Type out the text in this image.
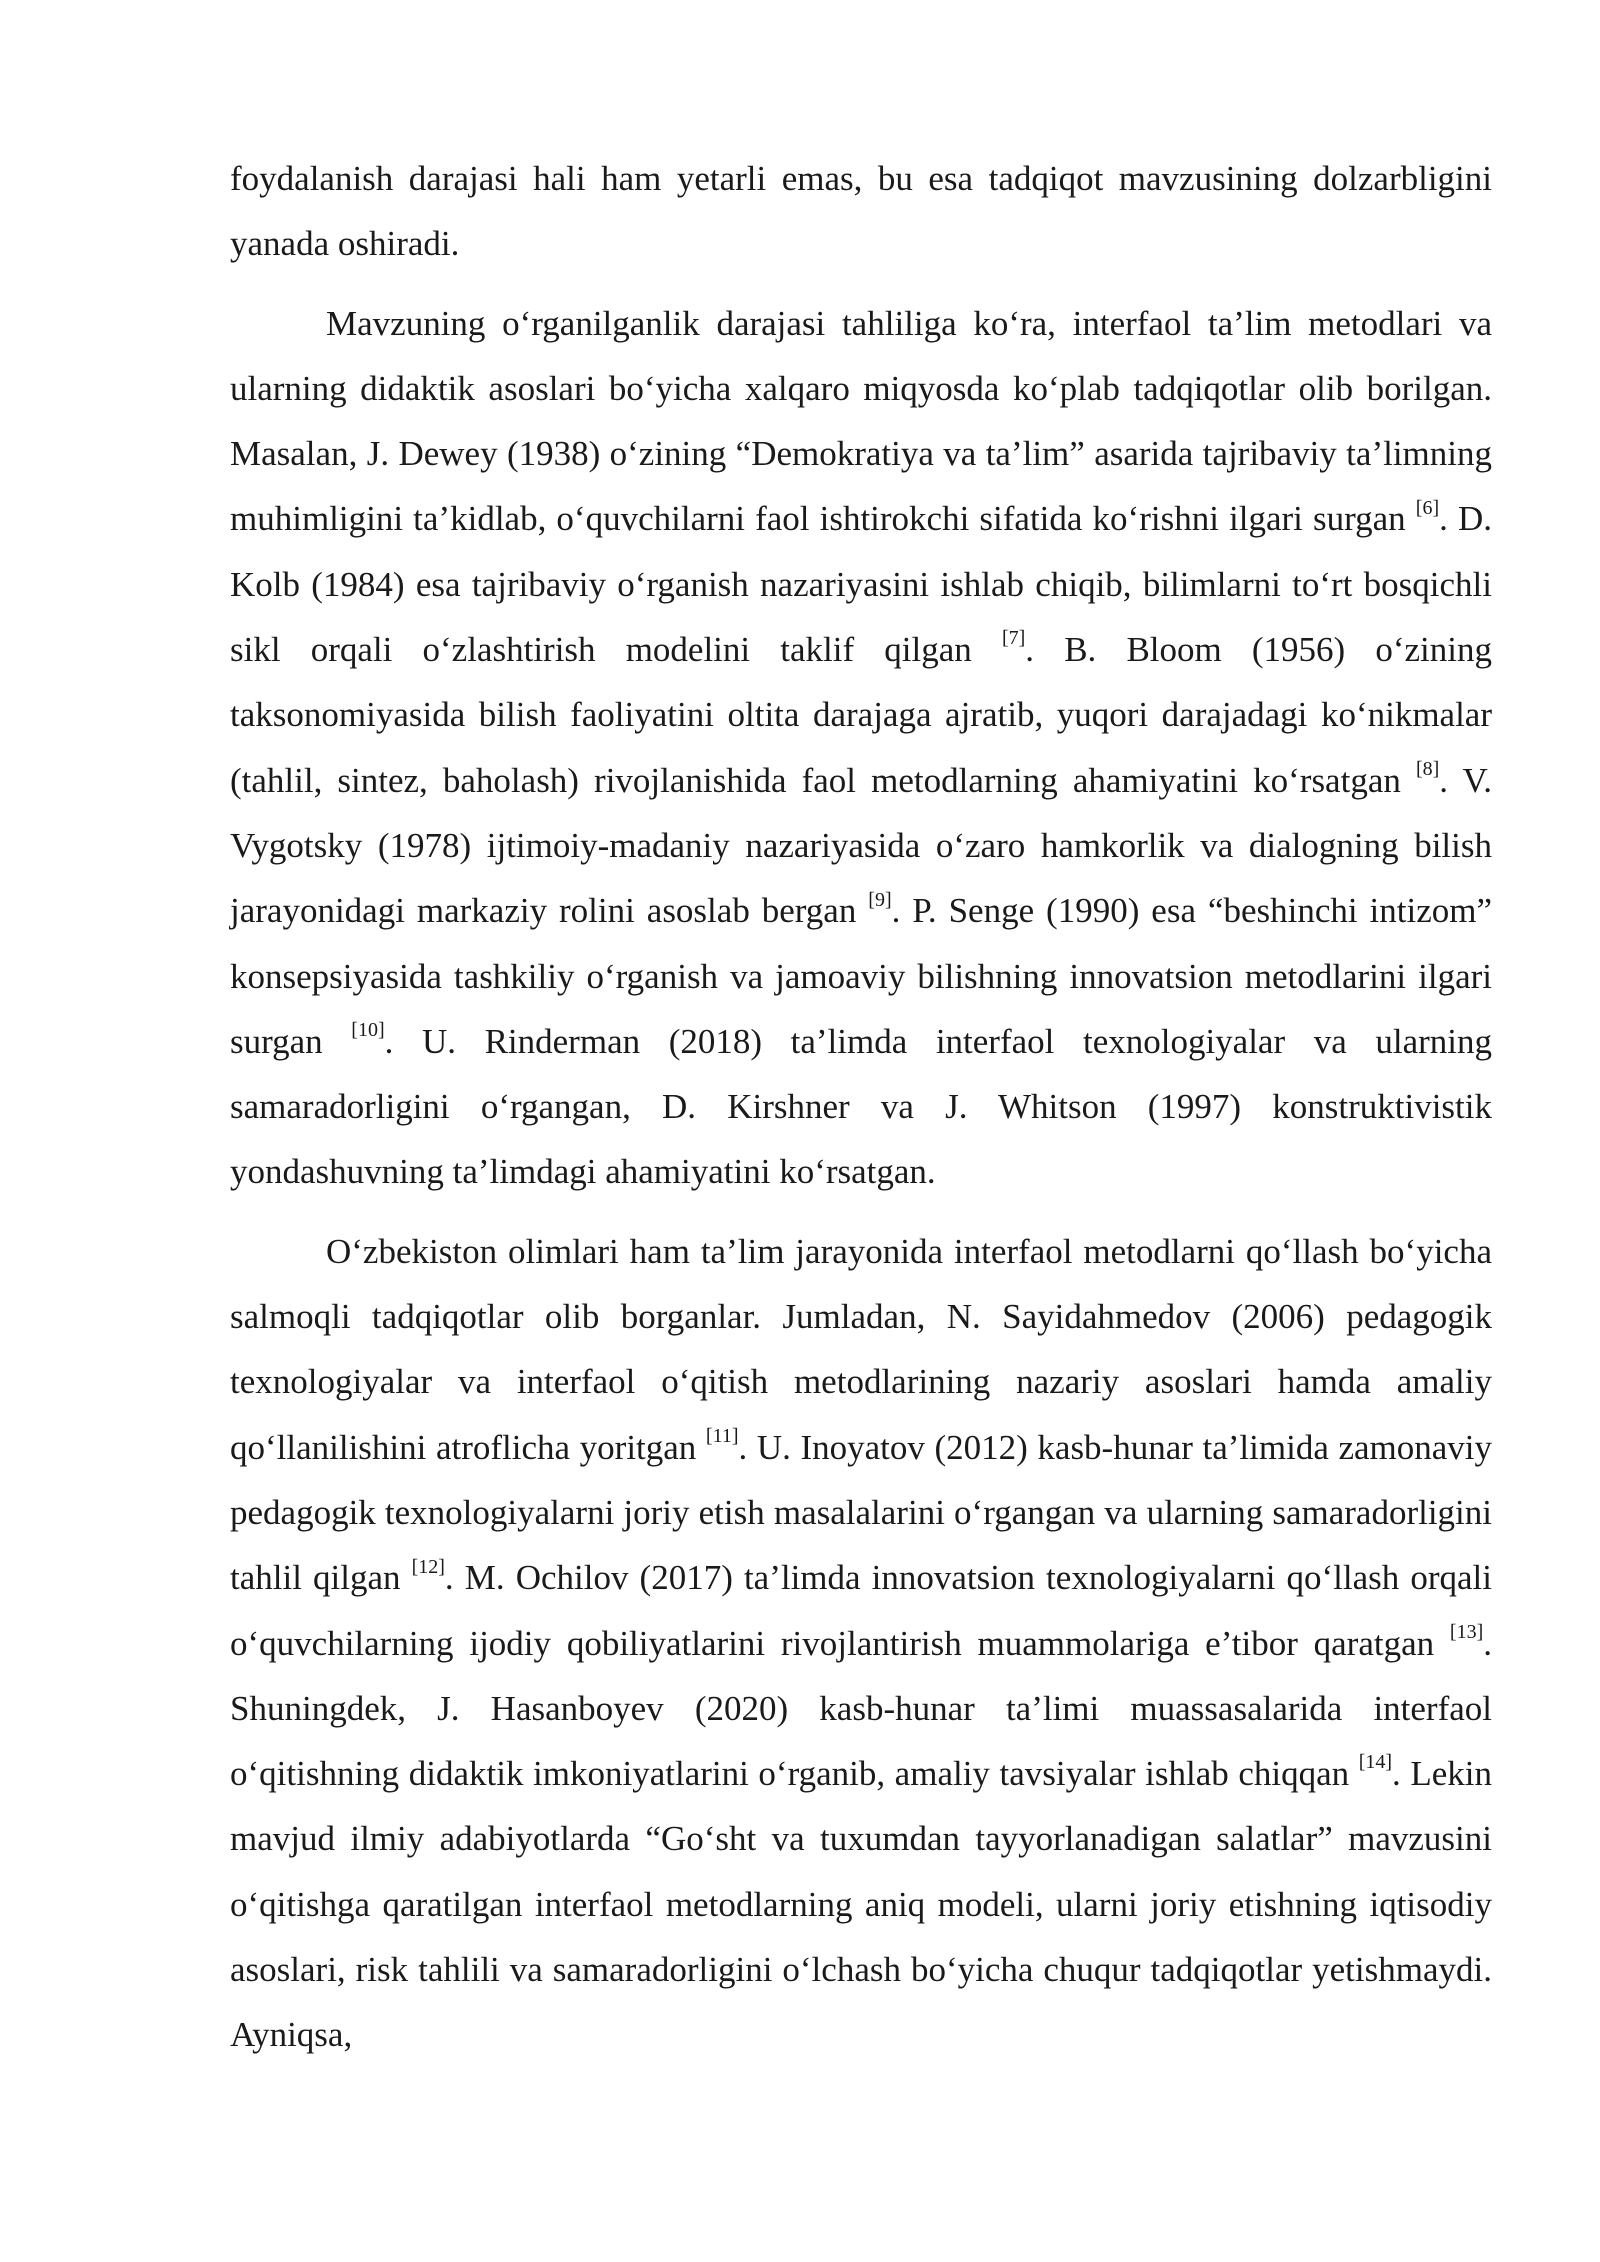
foydalanish darajasi hali ham yetarli emas, bu esa tadqiqot mavzusining dolzarbligini yanada oshiradi.

Mavzuning o‘rganilganlik darajasi tahliliga ko‘ra, interfaol ta’lim metodlari va ularning didaktik asoslari bo‘yicha xalqaro miqyosda ko‘plab tadqiqotlar olib borilgan. Masalan, J. Dewey (1938) o‘zining “Demokratiya va ta’lim” asarida tajribaviy ta’limning muhimligini ta’kidlab, o‘quvchilarni faol ishtirokchi sifatida ko‘rishni ilgari surgan [6]. D. Kolb (1984) esa tajribaviy o‘rganish nazariyasini ishlab chiqib, bilimlarni to‘rt bosqichli sikl orqali o‘zlashtirish modelini taklif qilgan [7]. B. Bloom (1956) o‘zining taksonomiyasida bilish faoliyatini oltita darajaga ajratib, yuqori darajadagi ko‘nikmalar (tahlil, sintez, baholash) rivojlanishida faol metodlarning ahamiyatini ko‘rsatgan [8]. V. Vygotsky (1978) ijtimoiy-madaniy nazariyasida o‘zaro hamkorlik va dialogning bilish jarayonidagi markaziy rolini asoslab bergan [9]. P. Senge (1990) esa “beshinchi intizom” konsepsiyasida tashkiliy o‘rganish va jamoaviy bilishning innovatsion metodlarini ilgari surgan [10]. U. Rinderman (2018) ta’limda interfaol texnologiyalar va ularning samaradorligini o‘rgangan, D. Kirshner va J. Whitson (1997) konstruktivistik yondashuvning ta’limdagi ahamiyatini ko‘rsatgan.

O‘zbekiston olimlari ham ta’lim jarayonida interfaol metodlarni qo‘llash bo‘yicha salmoqli tadqiqotlar olib borganlar. Jumladan, N. Sayidahmedov (2006) pedagogik texnologiyalar va interfaol o‘qitish metodlarining nazariy asoslari hamda amaliy qo‘llanilishini atroflicha yoritgan [11]. U. Inoyatov (2012) kasb-hunar ta’limida zamonaviy pedagogik texnologiyalarni joriy etish masalalarini o‘rgangan va ularning samaradorligini tahlil qilgan [12]. M. Ochilov (2017) ta’limda innovatsion texnologiyalarni qo‘llash orqali o‘quvchilarning ijodiy qobiliyatlarini rivojlantirish muammolariga e’tibor qaratgan [13]. Shuningdek, J. Hasanboyev (2020) kasb-hunar ta’limi muassasalarida interfaol o‘qitishning didaktik imkoniyatlarini o‘rganib, amaliy tavsiyalar ishlab chiqqan [14]. Lekin mavjud ilmiy adabiyotlarda “Go‘sht va tuxumdan tayyorlanadigan salatlar” mavzusini o‘qitishga qaratilgan interfaol metodlarning aniq modeli, ularni joriy etishning iqtisodiy asoslari, risk tahlili va samaradorligini o‘lchash bo‘yicha chuqur tadqiqotlar yetishmaydi. Ayniqsa,
